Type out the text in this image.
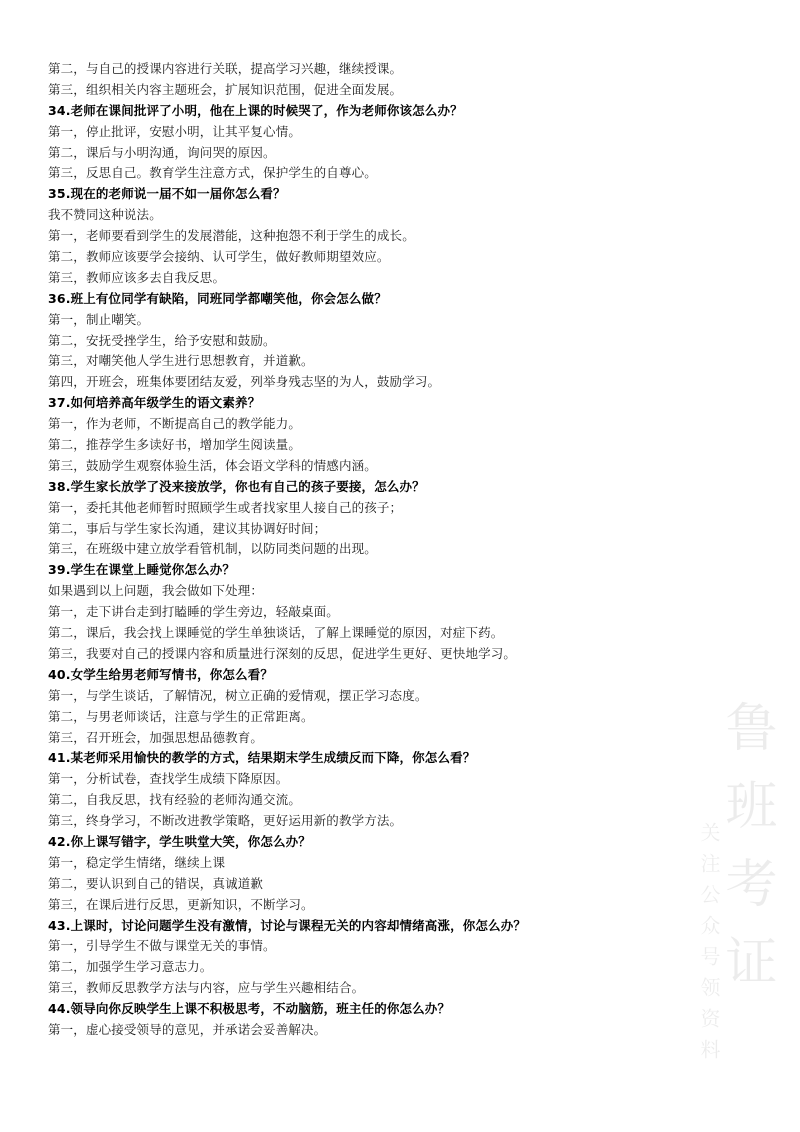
第二，与自己的授课内容进行关联，提高学习兴趣，继续授课。
第三，组织相关内容主题班会，扩展知识范围，促进全面发展。
34.老师在课间批评了小明，他在上课的时候哭了，作为老师你该怎么办？
第一，停止批评，安慰小明，让其平复心情。
第二，课后与小明沟通，询问哭的原因。
第三，反思自己。教育学生注意方式，保护学生的自尊心。
35.现在的老师说一届不如一届你怎么看？
我不赞同这种说法。
第一，老师要看到学生的发展潜能，这种抱怨不利于学生的成长。
第二，教师应该要学会接纳、认可学生，做好教师期望效应。
第三，教师应该多去自我反思。
36.班上有位同学有缺陷，同班同学都嘲笑他，你会怎么做？
第一，制止嘲笑。
第二，安抚受挫学生，给予安慰和鼓励。
第三，对嘲笑他人学生进行思想教育，并道歉。
第四，开班会，班集体要团结友爱，列举身残志坚的为人，鼓励学习。
37.如何培养高年级学生的语文素养？
第一，作为老师，不断提高自己的教学能力。
第二，推荐学生多读好书，增加学生阅读量。
第三，鼓励学生观察体验生活，体会语文学科的情感内涵。
38.学生家长放学了没来接放学，你也有自己的孩子要接，怎么办？
第一，委托其他老师暂时照顾学生或者找家里人接自己的孩子；
第二，事后与学生家长沟通，建议其协调好时间；
第三，在班级中建立放学看管机制，以防同类问题的出现。
39.学生在课堂上睡觉你怎么办？
如果遇到以上问题，我会做如下处理：
第一，走下讲台走到打瞌睡的学生旁边，轻敲桌面。
第二，课后，我会找上课睡觉的学生单独谈话，了解上课睡觉的原因，对症下药。
第三，我要对自己的授课内容和质量进行深刻的反思，促进学生更好、更快地学习。
40.女学生给男老师写情书，你怎么看？
第一，与学生谈话，了解情况，树立正确的爱情观，摆正学习态度。
第二，与男老师谈话，注意与学生的正常距离。
第三，召开班会，加强思想品德教育。
41.某老师采用愉快的教学的方式，结果期末学生成绩反而下降，你怎么看？
第一，分析试卷，查找学生成绩下降原因。
第二，自我反思，找有经验的老师沟通交流。
第三，终身学习，不断改进教学策略，更好运用新的教学方法。
42.你上课写错字，学生哄堂大笑，你怎么办？
第一，稳定学生情绪，继续上课
第二，要认识到自己的错误，真诚道歉
第三，在课后进行反思，更新知识，不断学习。
43.上课时，讨论问题学生没有激情，讨论与课程无关的内容却情绪高涨，你怎么办？
第一，引导学生不做与课堂无关的事情。
第二，加强学生学习意志力。
第三，教师反思教学方法与内容，应与学生兴趣相结合。
44.领导向你反映学生上课不积极思考，不动脑筋，班主任的你怎么办？
第一，虚心接受领导的意见，并承诺会妥善解决。
鲁班考证
关注公众号领资料
